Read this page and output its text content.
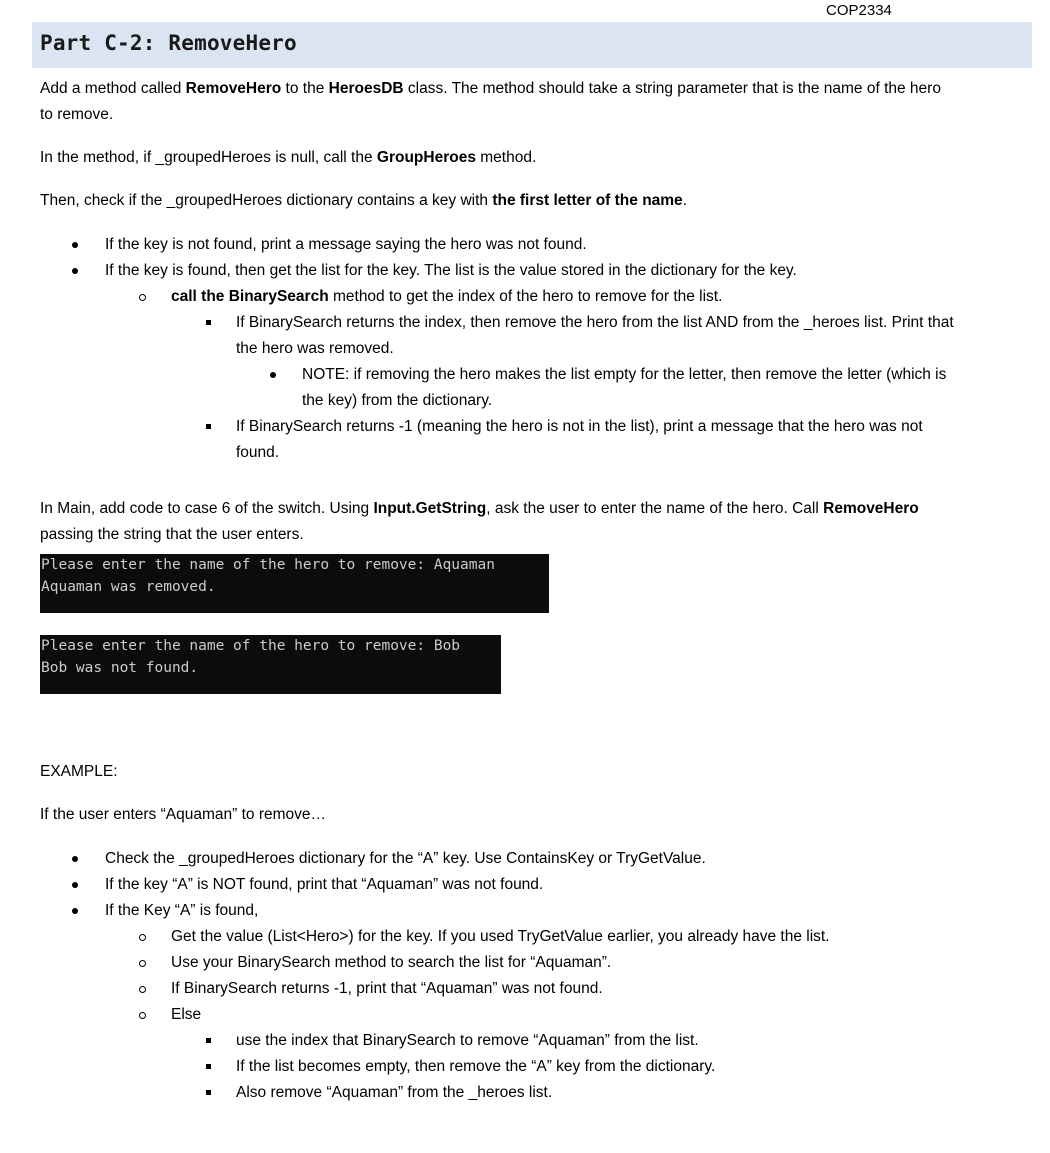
COP2334
Part C-2: RemoveHero

Add a method called RemoveHero to the HeroesDB class. The method should take a string parameter that is the name of the hero
to remove.

In the method, if _groupedHeroes is null, call the GroupHeroes method.

Then, check if the _groupedHeroes dictionary contains a key with the first letter of the name.

If the key is not found, print a message saying the hero was not found.
If the key is found, then get the list for the key. The list is the value stored in the dictionary for the key.
call the BinarySearch method to get the index of the hero to remove for the list.
If BinarySearch returns the index, then remove the hero from the list AND from the _heroes list. Print that
the hero was removed.
NOTE: if removing the hero makes the list empty for the letter, then remove the letter (which is
the key) from the dictionary.
If BinarySearch returns -1 (meaning the hero is not in the list), print a message that the hero was not
found.

In Main, add code to case 6 of the switch. Using Input.GetString, ask the user to enter the name of the hero. Call RemoveHero
passing the string that the user enters.

Please enter the name of the hero to remove: Aquaman
Aquaman was removed.
Please enter the name of the hero to remove: Bob
Bob was not found.

EXAMPLE:

If the user enters “Aquaman” to remove…

Check the _groupedHeroes dictionary for the “A” key. Use ContainsKey or TryGetValue.
If the key “A” is NOT found, print that “Aquaman” was not found.
If the Key “A” is found,
Get the value (List<Hero>) for the key. If you used TryGetValue earlier, you already have the list.
Use your BinarySearch method to search the list for “Aquaman”.
If BinarySearch returns -1, print that “Aquaman” was not found.
Else
use the index that BinarySearch to remove “Aquaman” from the list.
If the list becomes empty, then remove the “A” key from the dictionary.
Also remove “Aquaman” from the _heroes list.
